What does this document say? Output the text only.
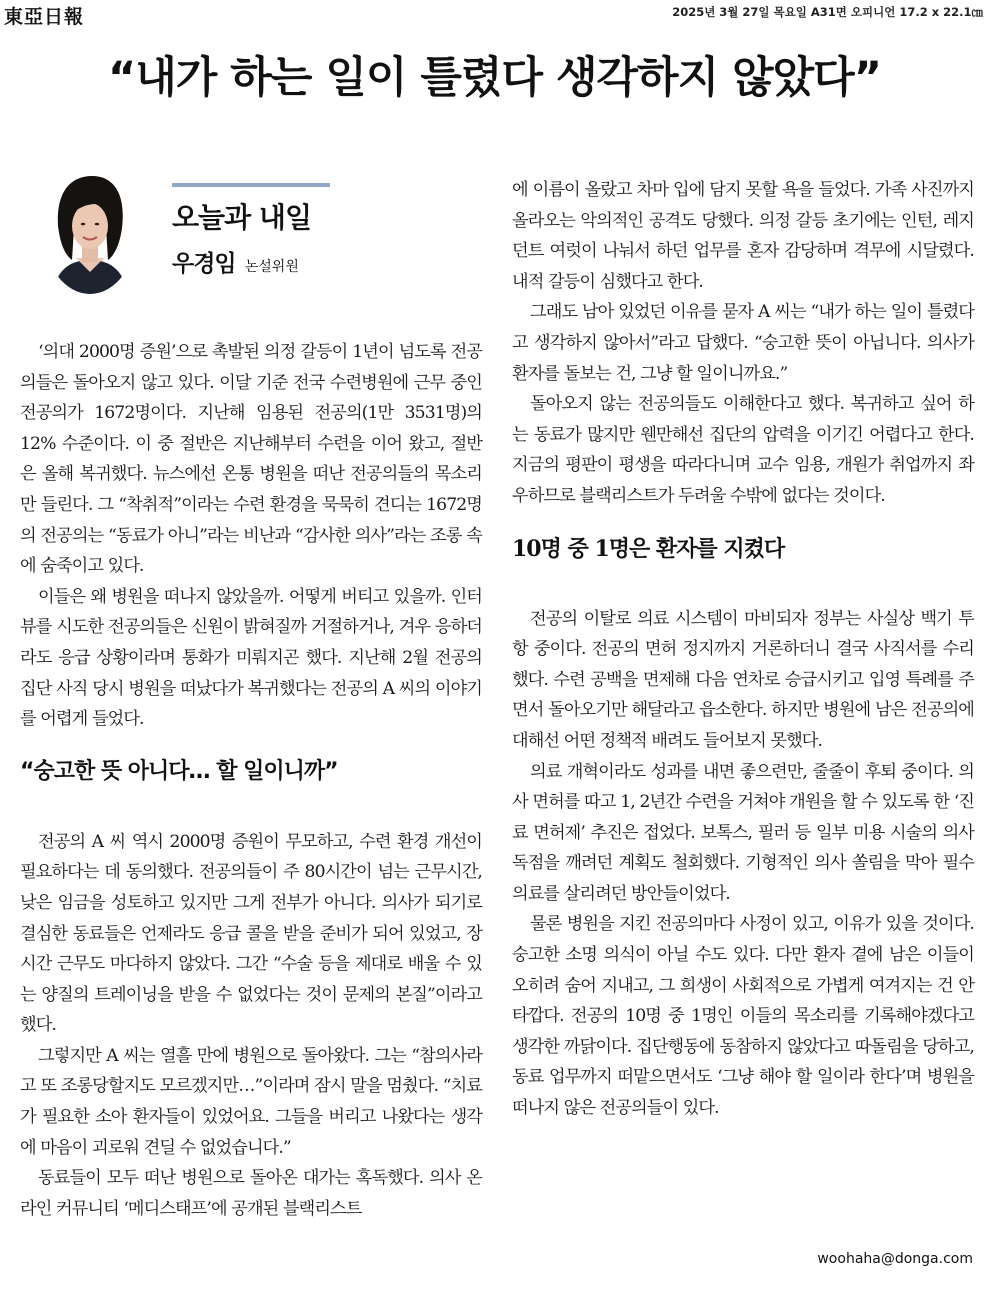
東亞日報	2025년 3월 27일 목요일 A31면 오피니언 17.2 x 22.1㎝
“내가 하는 일이 틀렸다 생각하지 않았다”
오늘과 내일
우경임 논설위원

‘의대 2000명 증원’으로 촉발된 의정 갈등이 1년이 넘도록 전공의들은 돌아오지 않고 있다. 이달 기준 전국 수련병원에 근무 중인 전공의가 1672명이다. 지난해 임용된 전공의(1만 3531명)의 12% 수준이다. 이 중 절반은 지난해부터 수련을 이어 왔고, 절반은 올해 복귀했다. 뉴스에선 온통 병원을 떠난 전공의들의 목소리만 들린다. 그 “착취적”이라는 수련 환경을 묵묵히 견디는 1672명의 전공의는 “동료가 아니”라는 비난과 “감사한 의사”라는 조롱 속에 숨죽이고 있다.

이들은 왜 병원을 떠나지 않았을까. 어떻게 버티고 있을까. 인터뷰를 시도한 전공의들은 신원이 밝혀질까 거절하거나, 겨우 응하더라도 응급 상황이라며 통화가 미뤄지곤 했다. 지난해 2월 전공의 집단 사직 당시 병원을 떠났다가 복귀했다는 전공의 A 씨의 이야기를 어렵게 들었다.

“숭고한 뜻 아니다… 할 일이니까”

전공의 A 씨 역시 2000명 증원이 무모하고, 수련 환경 개선이 필요하다는 데 동의했다. 전공의들이 주 80시간이 넘는 근무시간, 낮은 임금을 성토하고 있지만 그게 전부가 아니다. 의사가 되기로 결심한 동료들은 언제라도 응급 콜을 받을 준비가 되어 있었고, 장시간 근무도 마다하지 않았다. 그간 “수술 등을 제대로 배울 수 있는 양질의 트레이닝을 받을 수 없었다는 것이 문제의 본질”이라고 했다.

그렇지만 A 씨는 열흘 만에 병원으로 돌아왔다. 그는 “참의사라고 또 조롱당할지도 모르겠지만…”이라며 잠시 말을 멈췄다. “치료가 필요한 소아 환자들이 있었어요. 그들을 버리고 나왔다는 생각에 마음이 괴로워 견딜 수 없었습니다.”

동료들이 모두 떠난 병원으로 돌아온 대가는 혹독했다. 의사 온라인 커뮤니티 ‘메디스태프’에 공개된 블랙리스트

에 이름이 올랐고 차마 입에 담지 못할 욕을 들었다. 가족 사진까지 올라오는 악의적인 공격도 당했다. 의정 갈등 초기에는 인턴, 레지던트 여럿이 나눠서 하던 업무를 혼자 감당하며 격무에 시달렸다. 내적 갈등이 심했다고 한다.

그래도 남아 있었던 이유를 묻자 A 씨는 “내가 하는 일이 틀렸다고 생각하지 않아서”라고 답했다. “숭고한 뜻이 아닙니다. 의사가 환자를 돌보는 건, 그냥 할 일이니까요.”

돌아오지 않는 전공의들도 이해한다고 했다. 복귀하고 싶어 하는 동료가 많지만 웬만해선 집단의 압력을 이기긴 어렵다고 한다. 지금의 평판이 평생을 따라다니며 교수 임용, 개원가 취업까지 좌우하므로 블랙리스트가 두려울 수밖에 없다는 것이다.

10명 중 1명은 환자를 지켰다

전공의 이탈로 의료 시스템이 마비되자 정부는 사실상 백기 투항 중이다. 전공의 면허 정지까지 거론하더니 결국 사직서를 수리했다. 수련 공백을 면제해 다음 연차로 승급시키고 입영 특례를 주면서 돌아오기만 해달라고 읍소한다. 하지만 병원에 남은 전공의에 대해선 어떤 정책적 배려도 들어보지 못했다.

의료 개혁이라도 성과를 내면 좋으련만, 줄줄이 후퇴 중이다. 의사 면허를 따고 1, 2년간 수련을 거쳐야 개원을 할 수 있도록 한 ‘진료 면허제’ 추진은 접었다. 보톡스, 필러 등 일부 미용 시술의 의사 독점을 깨려던 계획도 철회했다. 기형적인 의사 쏠림을 막아 필수 의료를 살리려던 방안들이었다.

물론 병원을 지킨 전공의마다 사정이 있고, 이유가 있을 것이다. 숭고한 소명 의식이 아닐 수도 있다. 다만 환자 곁에 남은 이들이 오히려 숨어 지내고, 그 희생이 사회적으로 가볍게 여겨지는 건 안타깝다. 전공의 10명 중 1명인 이들의 목소리를 기록해야겠다고 생각한 까닭이다. 집단행동에 동참하지 않았다고 따돌림을 당하고, 동료 업무까지 떠맡으면서도 ‘그냥 해야 할 일이라 한다’며 병원을 떠나지 않은 전공의들이 있다.

woohaha@donga.com
